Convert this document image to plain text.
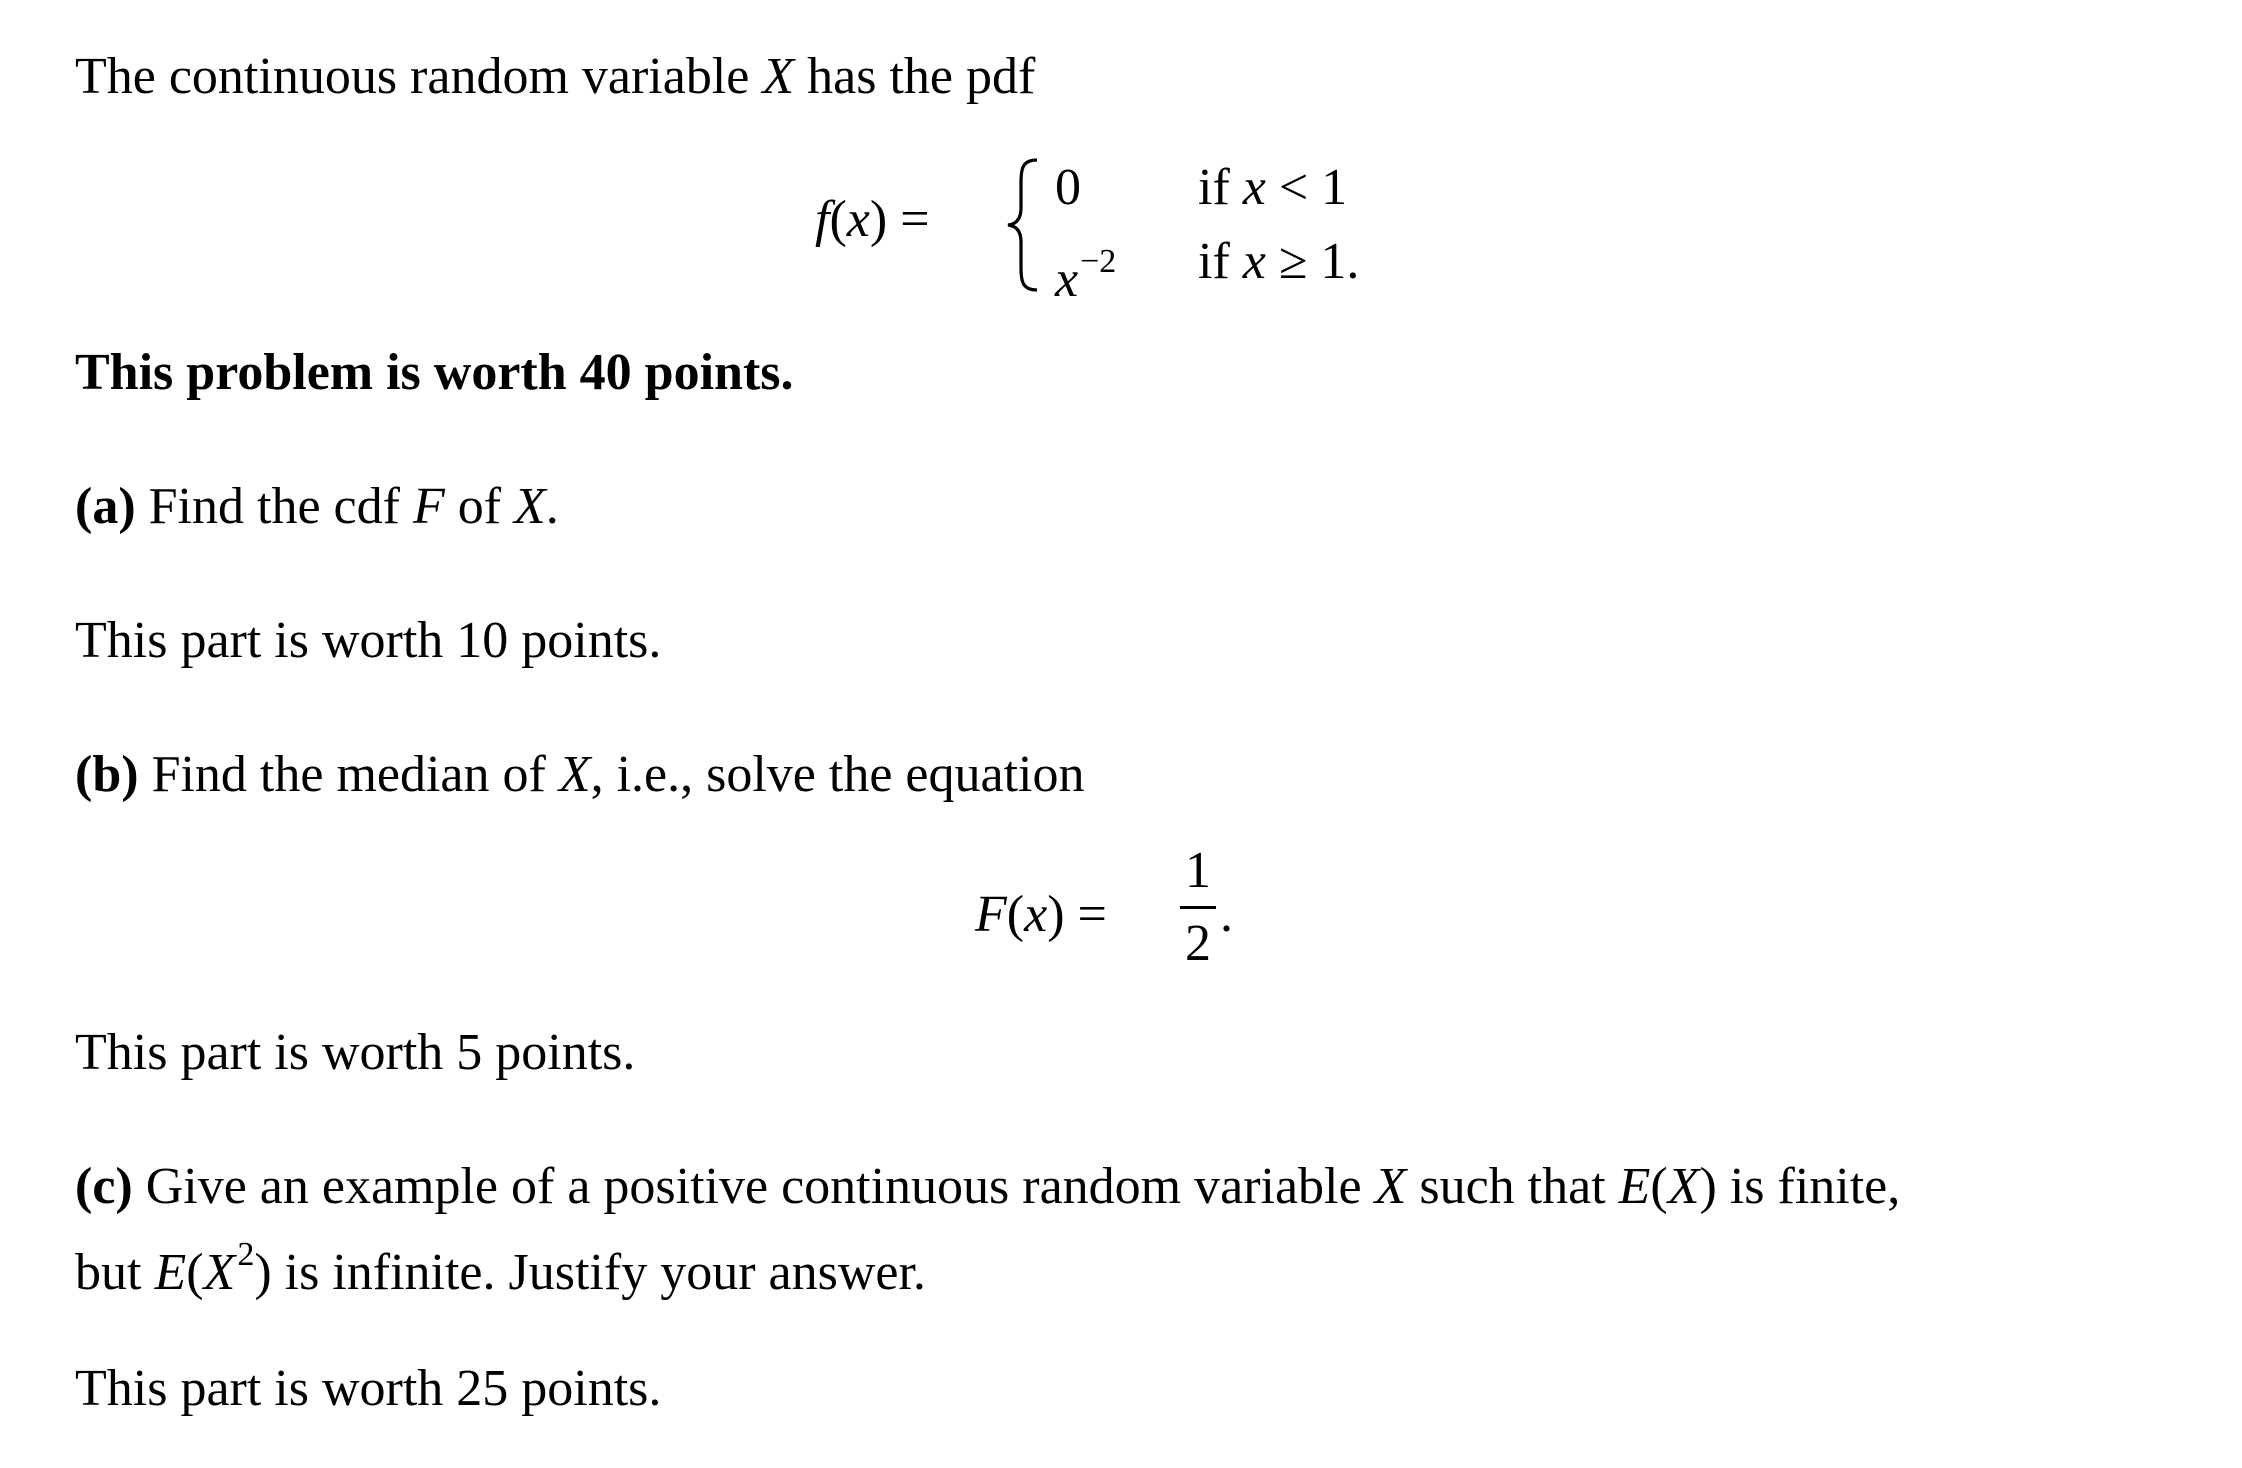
The continuous random variable X has the pdf
f(x) =
0 if x < 1
$x^{-2}$ if x ≥ 1.
This problem is worth 40 points.
(a) Find the cdf F of X.
This part is worth 10 points.
(b) Find the median of X, i.e., solve the equation
F(x) =
1
2
.
This part is worth 5 points.
(c) Give an example of a positive continuous random variable X such that E(X) is finite,
but $E(X^2)$ is infinite. Justify your answer.
This part is worth 25 points.
